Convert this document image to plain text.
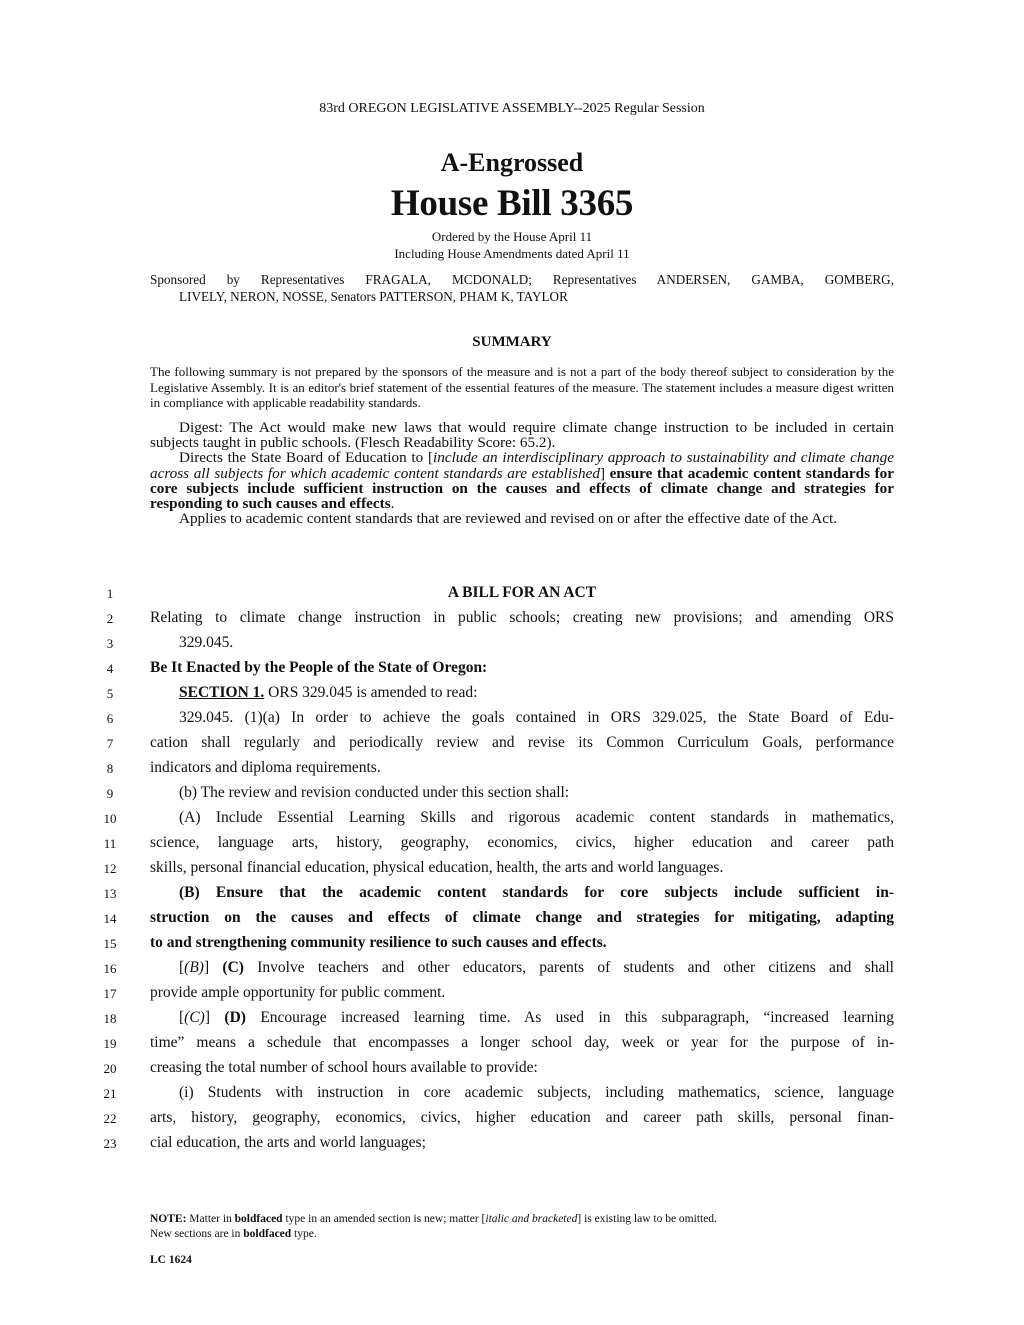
83rd OREGON LEGISLATIVE ASSEMBLY--2025 Regular Session
A-Engrossed
House Bill 3365
Ordered by the House April 11
Including House Amendments dated April 11
Sponsored by Representatives FRAGALA, MCDONALD; Representatives ANDERSEN, GAMBA, GOMBERG,
LIVELY, NERON, NOSSE, Senators PATTERSON, PHAM K, TAYLOR
SUMMARY
The following summary is not prepared by the sponsors of the measure and is not a part of the body thereof subject to consideration by the Legislative Assembly. It is an editor's brief statement of the essential features of the measure. The statement includes a measure digest written in compliance with applicable readability standards.

Digest: The Act would make new laws that would require climate change instruction to be included in certain subjects taught in public schools. (Flesch Readability Score: 65.2).

Directs the State Board of Education to [include an interdisciplinary approach to sustainability and climate change across all subjects for which academic content standards are established] ensure that academic content standards for core subjects include sufficient instruction on the causes and effects of climate change and strategies for responding to such causes and effects.

Applies to academic content standards that are reviewed and revised on or after the effective date of the Act.

1
2
3
4
5
6
7
8
9
10
11
12
13
14
15
16
17
18
19
20
21
22
23
A BILL FOR AN ACT
Relating to climate change instruction in public schools; creating new provisions; and amending ORS
329.045.
Be It Enacted by the People of the State of Oregon:
SECTION 1. ORS 329.045 is amended to read:
329.045. (1)(a) In order to achieve the goals contained in ORS 329.025, the State Board of Edu-
cation shall regularly and periodically review and revise its Common Curriculum Goals, performance
indicators and diploma requirements.
(b) The review and revision conducted under this section shall:
(A) Include Essential Learning Skills and rigorous academic content standards in mathematics,
science, language arts, history, geography, economics, civics, higher education and career path
skills, personal financial education, physical education, health, the arts and world languages.
(B) Ensure that the academic content standards for core subjects include sufficient in-
struction on the causes and effects of climate change and strategies for mitigating, adapting
to and strengthening community resilience to such causes and effects.
[(B)] (C) Involve teachers and other educators, parents of students and other citizens and shall
provide ample opportunity for public comment.
[(C)] (D) Encourage increased learning time. As used in this subparagraph, “increased learning
time” means a schedule that encompasses a longer school day, week or year for the purpose of in-
creasing the total number of school hours available to provide:
(i) Students with instruction in core academic subjects, including mathematics, science, language
arts, history, geography, economics, civics, higher education and career path skills, personal finan-
cial education, the arts and world languages;
NOTE: Matter in boldfaced type in an amended section is new; matter [italic and bracketed] is existing law to be omitted.
New sections are in boldfaced type.
LC 1624
